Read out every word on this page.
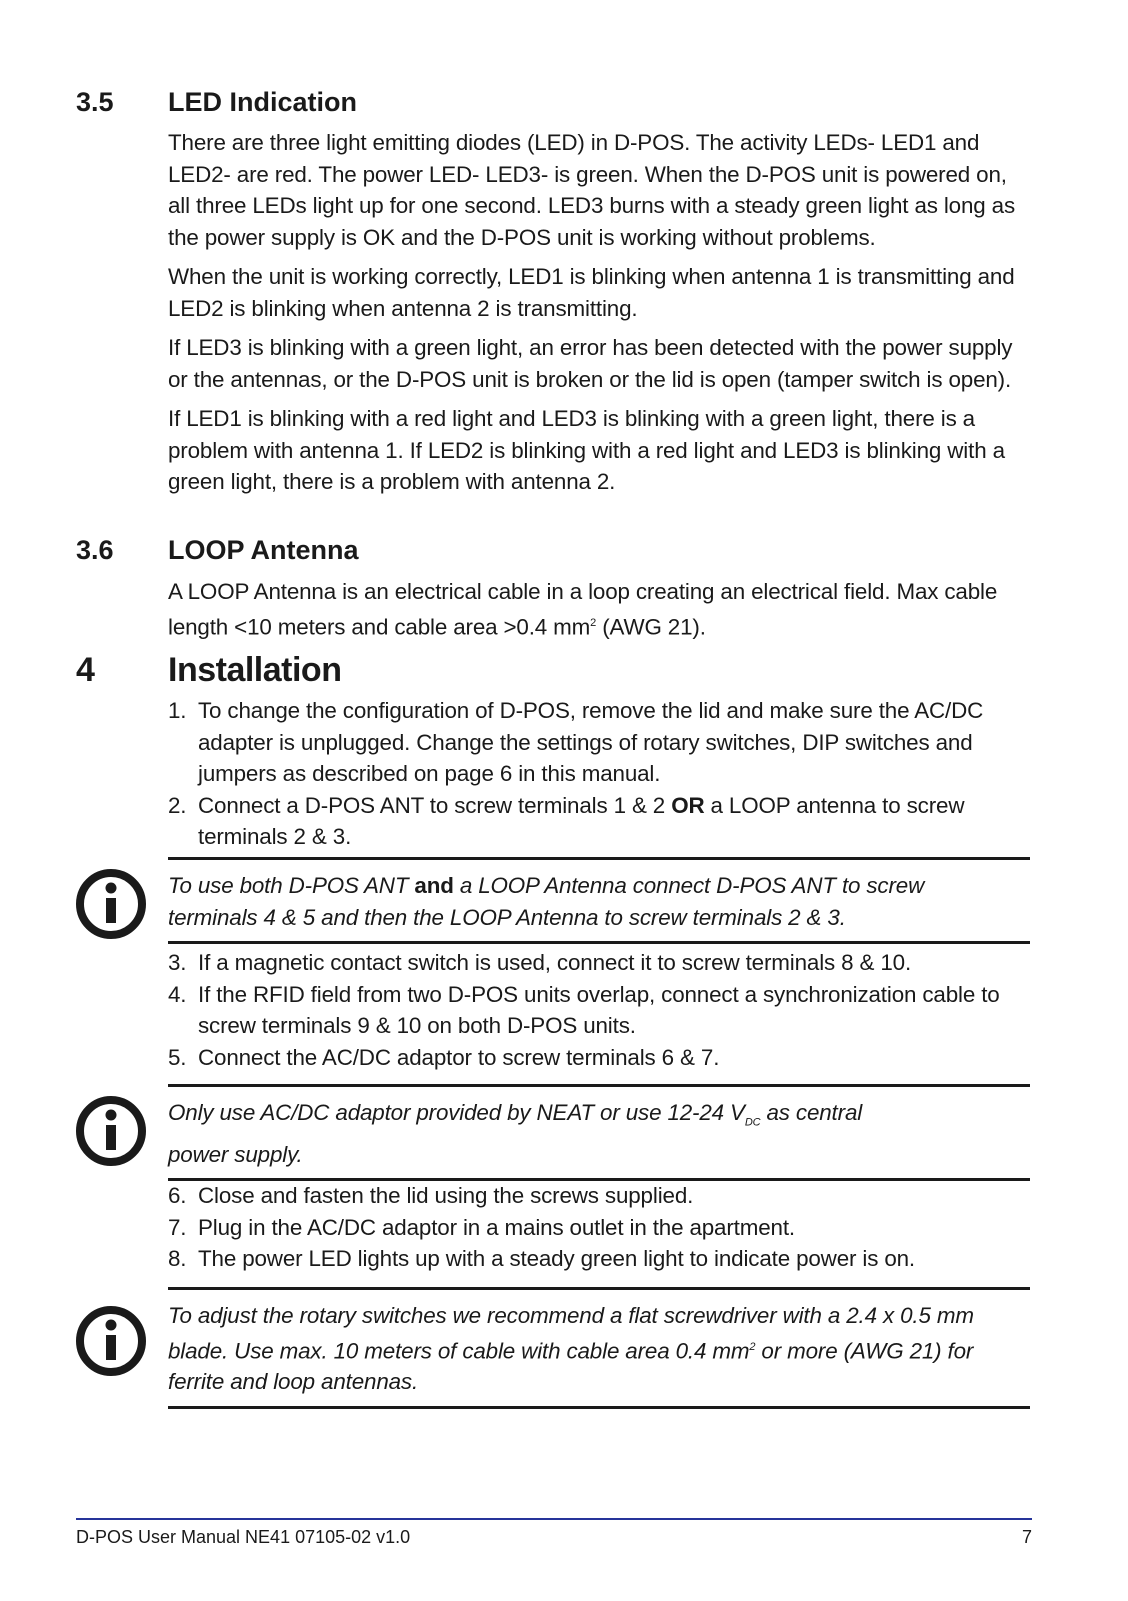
3.5 LED Indication

There are three light emitting diodes (LED) in D-POS. The activity LEDs- LED1 and LED2- are red. The power LED- LED3- is green. When the D-POS unit is powered on, all three LEDs light up for one second. LED3 burns with a steady green light as long as the power supply is OK and the D-POS unit is working without problems.

When the unit is working correctly, LED1 is blinking when antenna 1 is transmitting and LED2 is blinking when antenna 2 is transmitting.

If LED3 is blinking with a green light, an error has been detected with the power supply or the antennas, or the D-POS unit is broken or the lid is open (tamper switch is open).

If LED1 is blinking with a red light and LED3 is blinking with a green light, there is a problem with antenna 1. If LED2 is blinking with a red light and LED3 is blinking with a green light, there is a problem with antenna 2.

3.6 LOOP Antenna

A LOOP Antenna is an electrical cable in a loop creating an electrical field. Max cable length <10 meters and cable area >0.4 $mm^2$ (AWG 21).

4 Installation
1. To change the configuration of D-POS, remove the lid and make sure the AC/DC adapter is unplugged. Change the settings of rotary switches, DIP switches and jumpers as described on page 6 in this manual.
2. Connect a D-POS ANT to screw terminals 1 & 2 OR a LOOP antenna to screw terminals 2 & 3.
To use both D-POS ANT and a LOOP Antenna connect D-POS ANT to screw terminals 4 & 5 and then the LOOP Antenna to screw terminals 2 & 3.
3. If a magnetic contact switch is used, connect it to screw terminals 8 & 10.
4. If the RFID field from two D-POS units overlap, connect a synchronization cable to screw terminals 9 & 10 on both D-POS units.
5. Connect the AC/DC adaptor to screw terminals 6 & 7.
Only use AC/DC adaptor provided by NEAT or use 12-24 $V_{DC}$ as central power supply.
6. Close and fasten the lid using the screws supplied.
7. Plug in the AC/DC adaptor in a mains outlet in the apartment.
8. The power LED lights up with a steady green light to indicate power is on.
To adjust the rotary switches we recommend a flat screwdriver with a 2.4 x 0.5 mm blade. Use max. 10 meters of cable with cable area 0.4 $mm^2$ or more (AWG 21) for ferrite and loop antennas.
D-POS User Manual NE41 07105-02 v1.0	7
